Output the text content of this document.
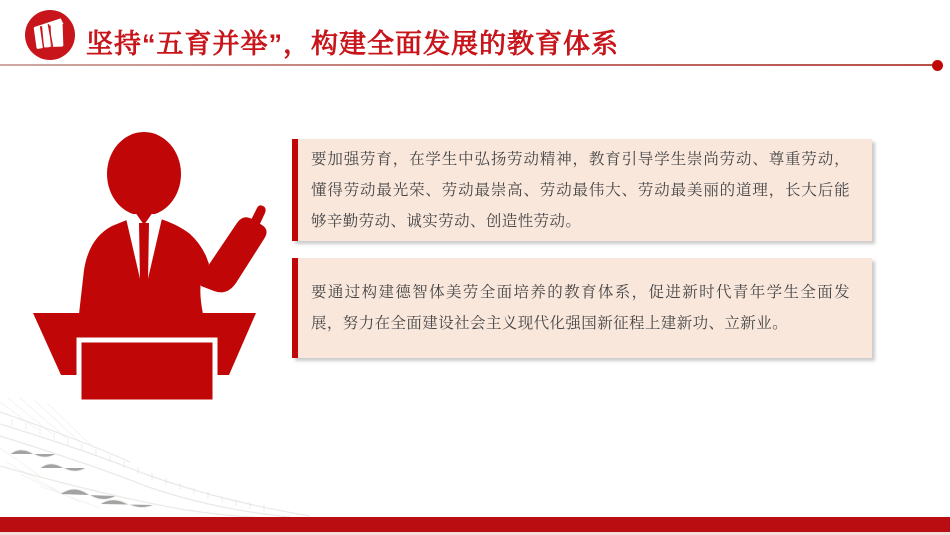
坚持“五育并举”，构建全面发展的教育体系
要加强劳育，在学生中弘扬劳动精神，教育引导学生崇尚劳动、尊重劳动，懂得劳动最光荣、劳动最崇高、劳动最伟大、劳动最美丽的道理，长大后能够辛勤劳动、诚实劳动、创造性劳动。
要通过构建德智体美劳全面培养的教育体系，促进新时代青年学生全面发展，努力在全面建设社会主义现代化强国新征程上建新功、立新业。
